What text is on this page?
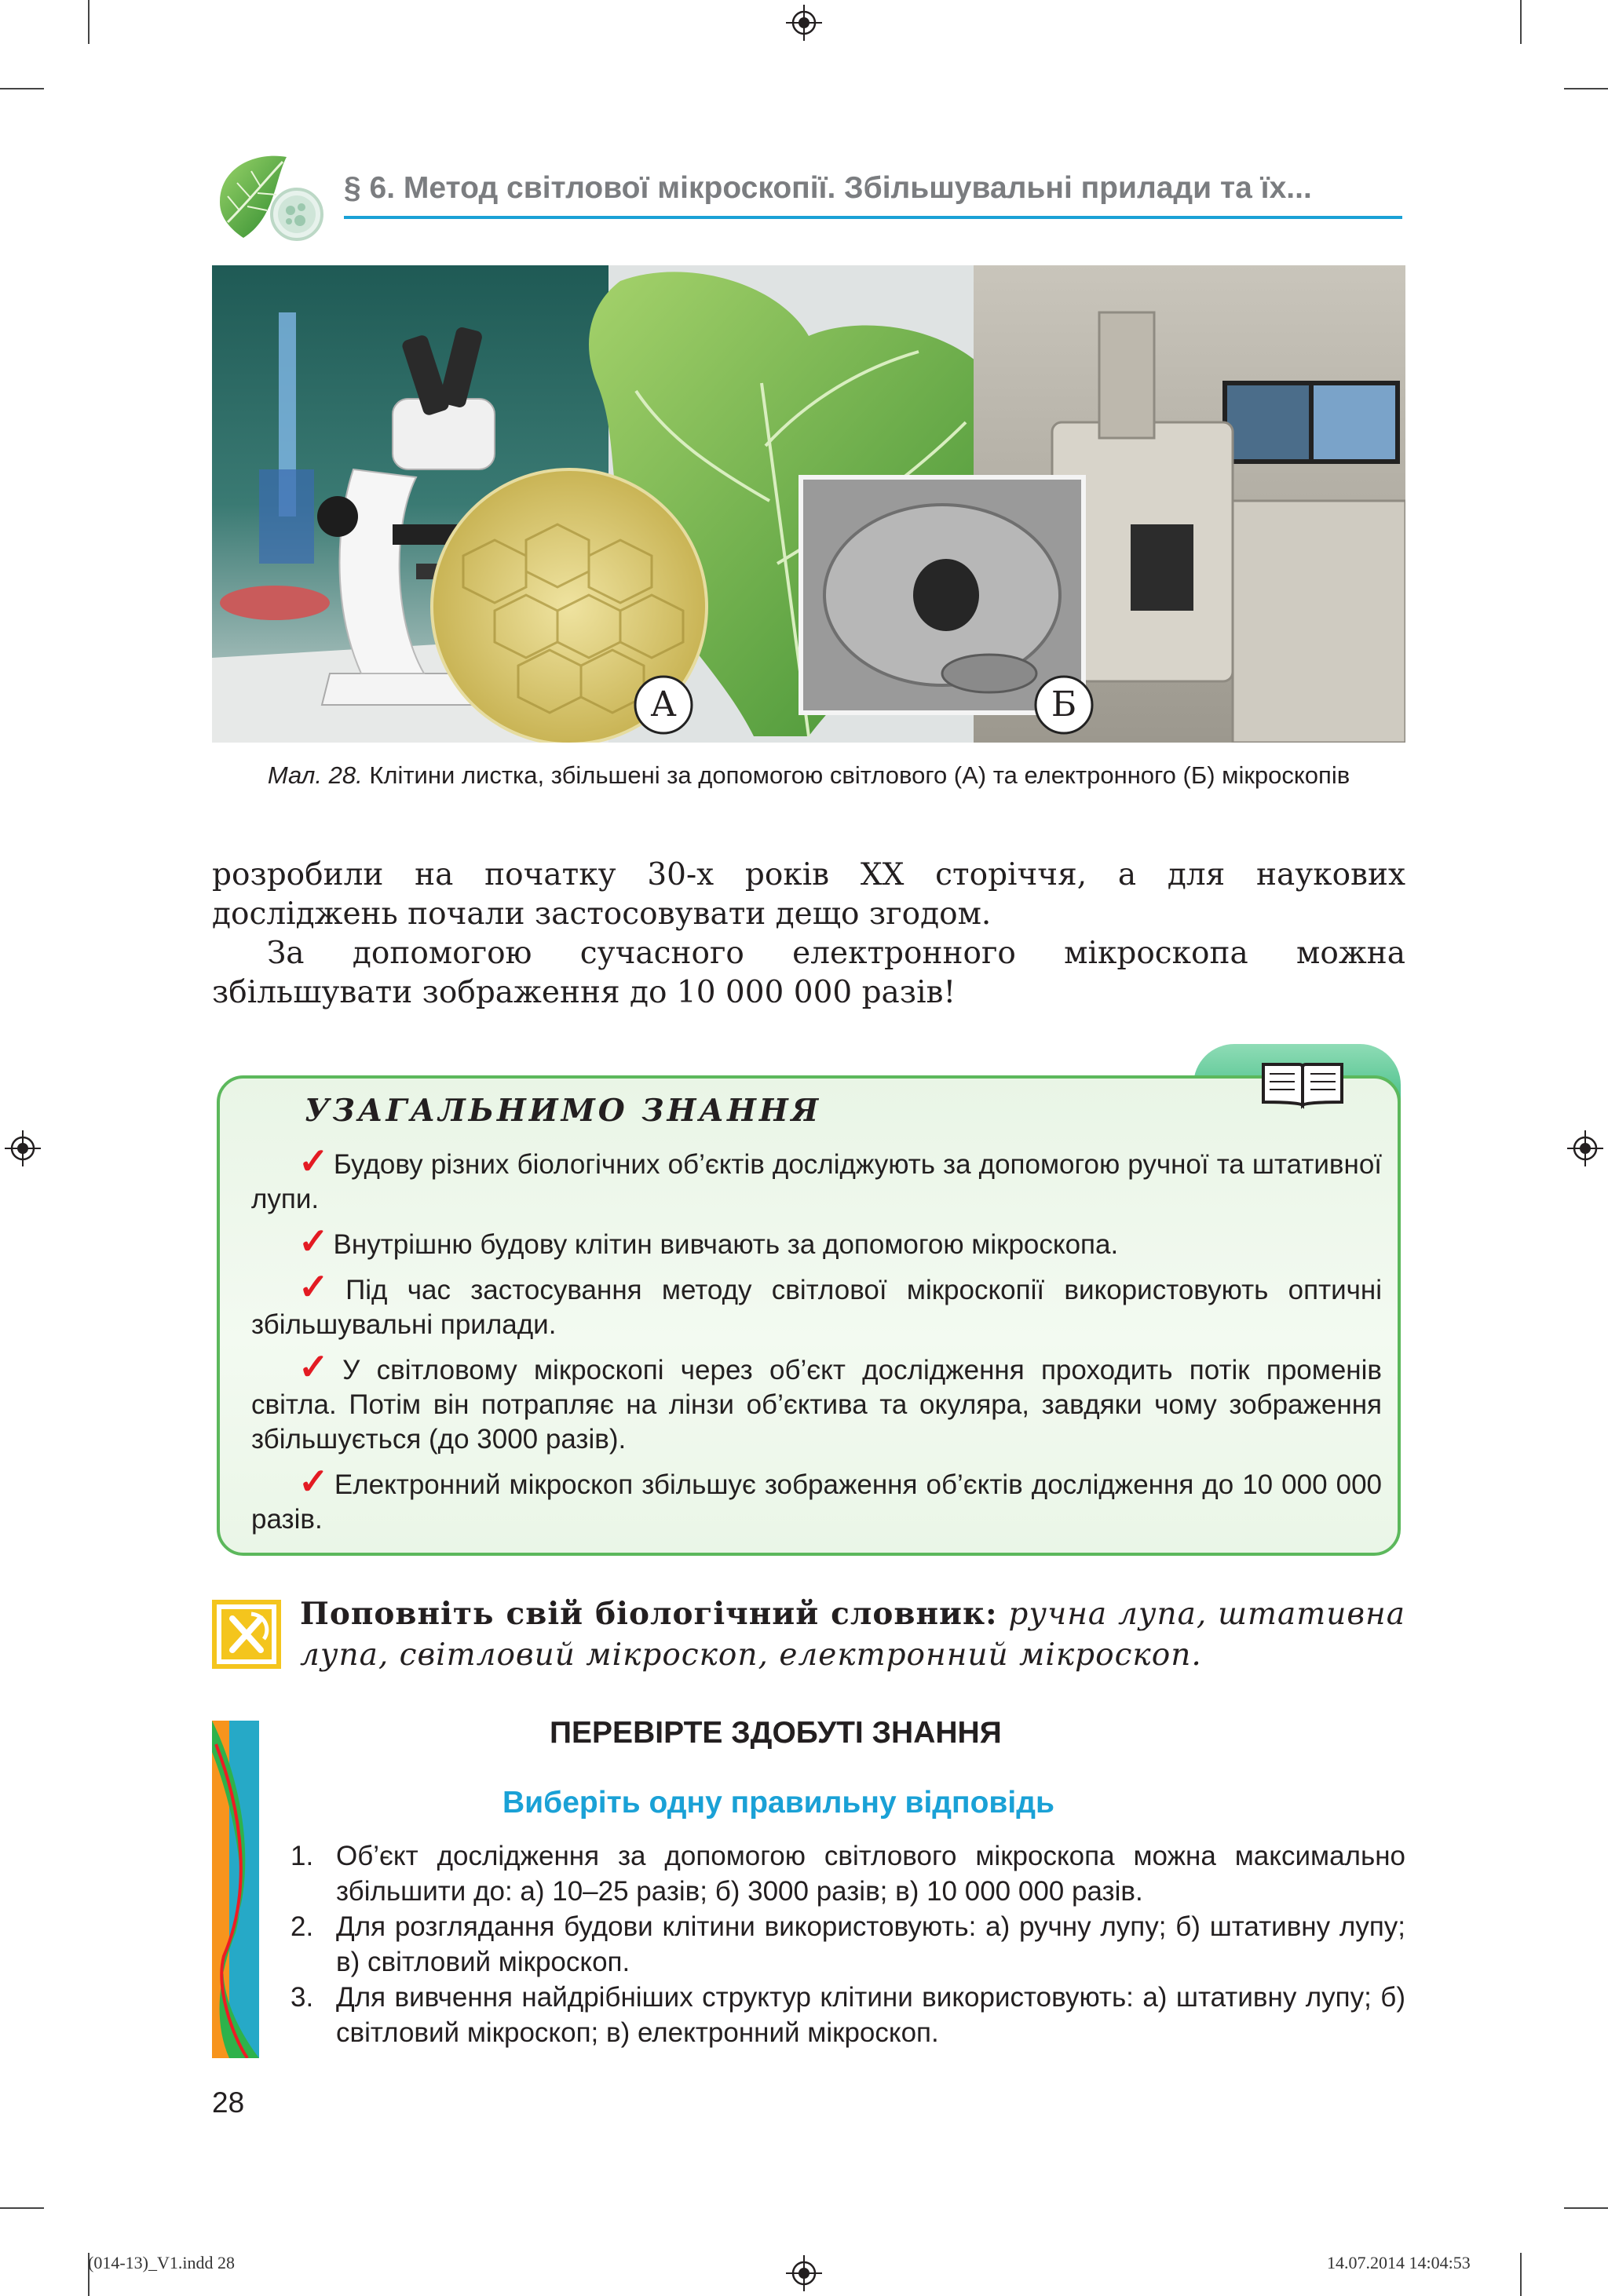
§ 6. Метод світлової мікроскопії. Збільшувальні прилади та їх...
А	Б
Мал. 28. Клітини листка, збільшені за допомогою світлового (А) та електронного (Б) мікроскопів

розробили на початку 30-х років XX сторіччя, а для наукових досліджень почали застосовувати дещо згодом.

За допомогою сучасного електронного мікроскопа можна збільшувати зображення до 10 000 000 разів!

УЗАГАЛЬНИМО ЗНАННЯ
✓ Будову різних біологічних об’єктів досліджують за допомогою ручної та штативної лупи.
✓ Внутрішню будову клітин вивчають за допомогою мікроскопа.
✓ Під час застосування методу світлової мікроскопії використовують оптичні збільшувальні прилади.
✓ У світловому мікроскопі через об’єкт дослідження проходить потік променів світла. Потім він потрапляє на лінзи об’єктива та окуляра, завдяки чому зображення збільшується (до 3000 разів).
✓ Електронний мікроскоп збільшує зображення об’єктів дослідження до 10 000 000 разів.
Поповніть свій біологічний словник: ручна лупа, штативна лупа, світловий мікроскоп, електронний мікроскоп.
ПЕРЕВІРТЕ ЗДОБУТІ ЗНАННЯ
Виберіть одну правильну відповідь
1. Об’єкт дослідження за допомогою світлового мікроскопа можна максимально збільшити до: а) 10–25 разів; б) 3000 разів; в) 10 000 000 разів.
2. Для розглядання будови клітини використовують: а) ручну лупу; б) штативну лупу; в) світловий мікроскоп.
3. Для вивчення найдрібніших структур клітини використовують: а) штативну лупу; б) світловий мікроскоп; в) електронний мікроскоп.
28
(014-13)_V1.indd 28	14.07.2014 14:04:53
